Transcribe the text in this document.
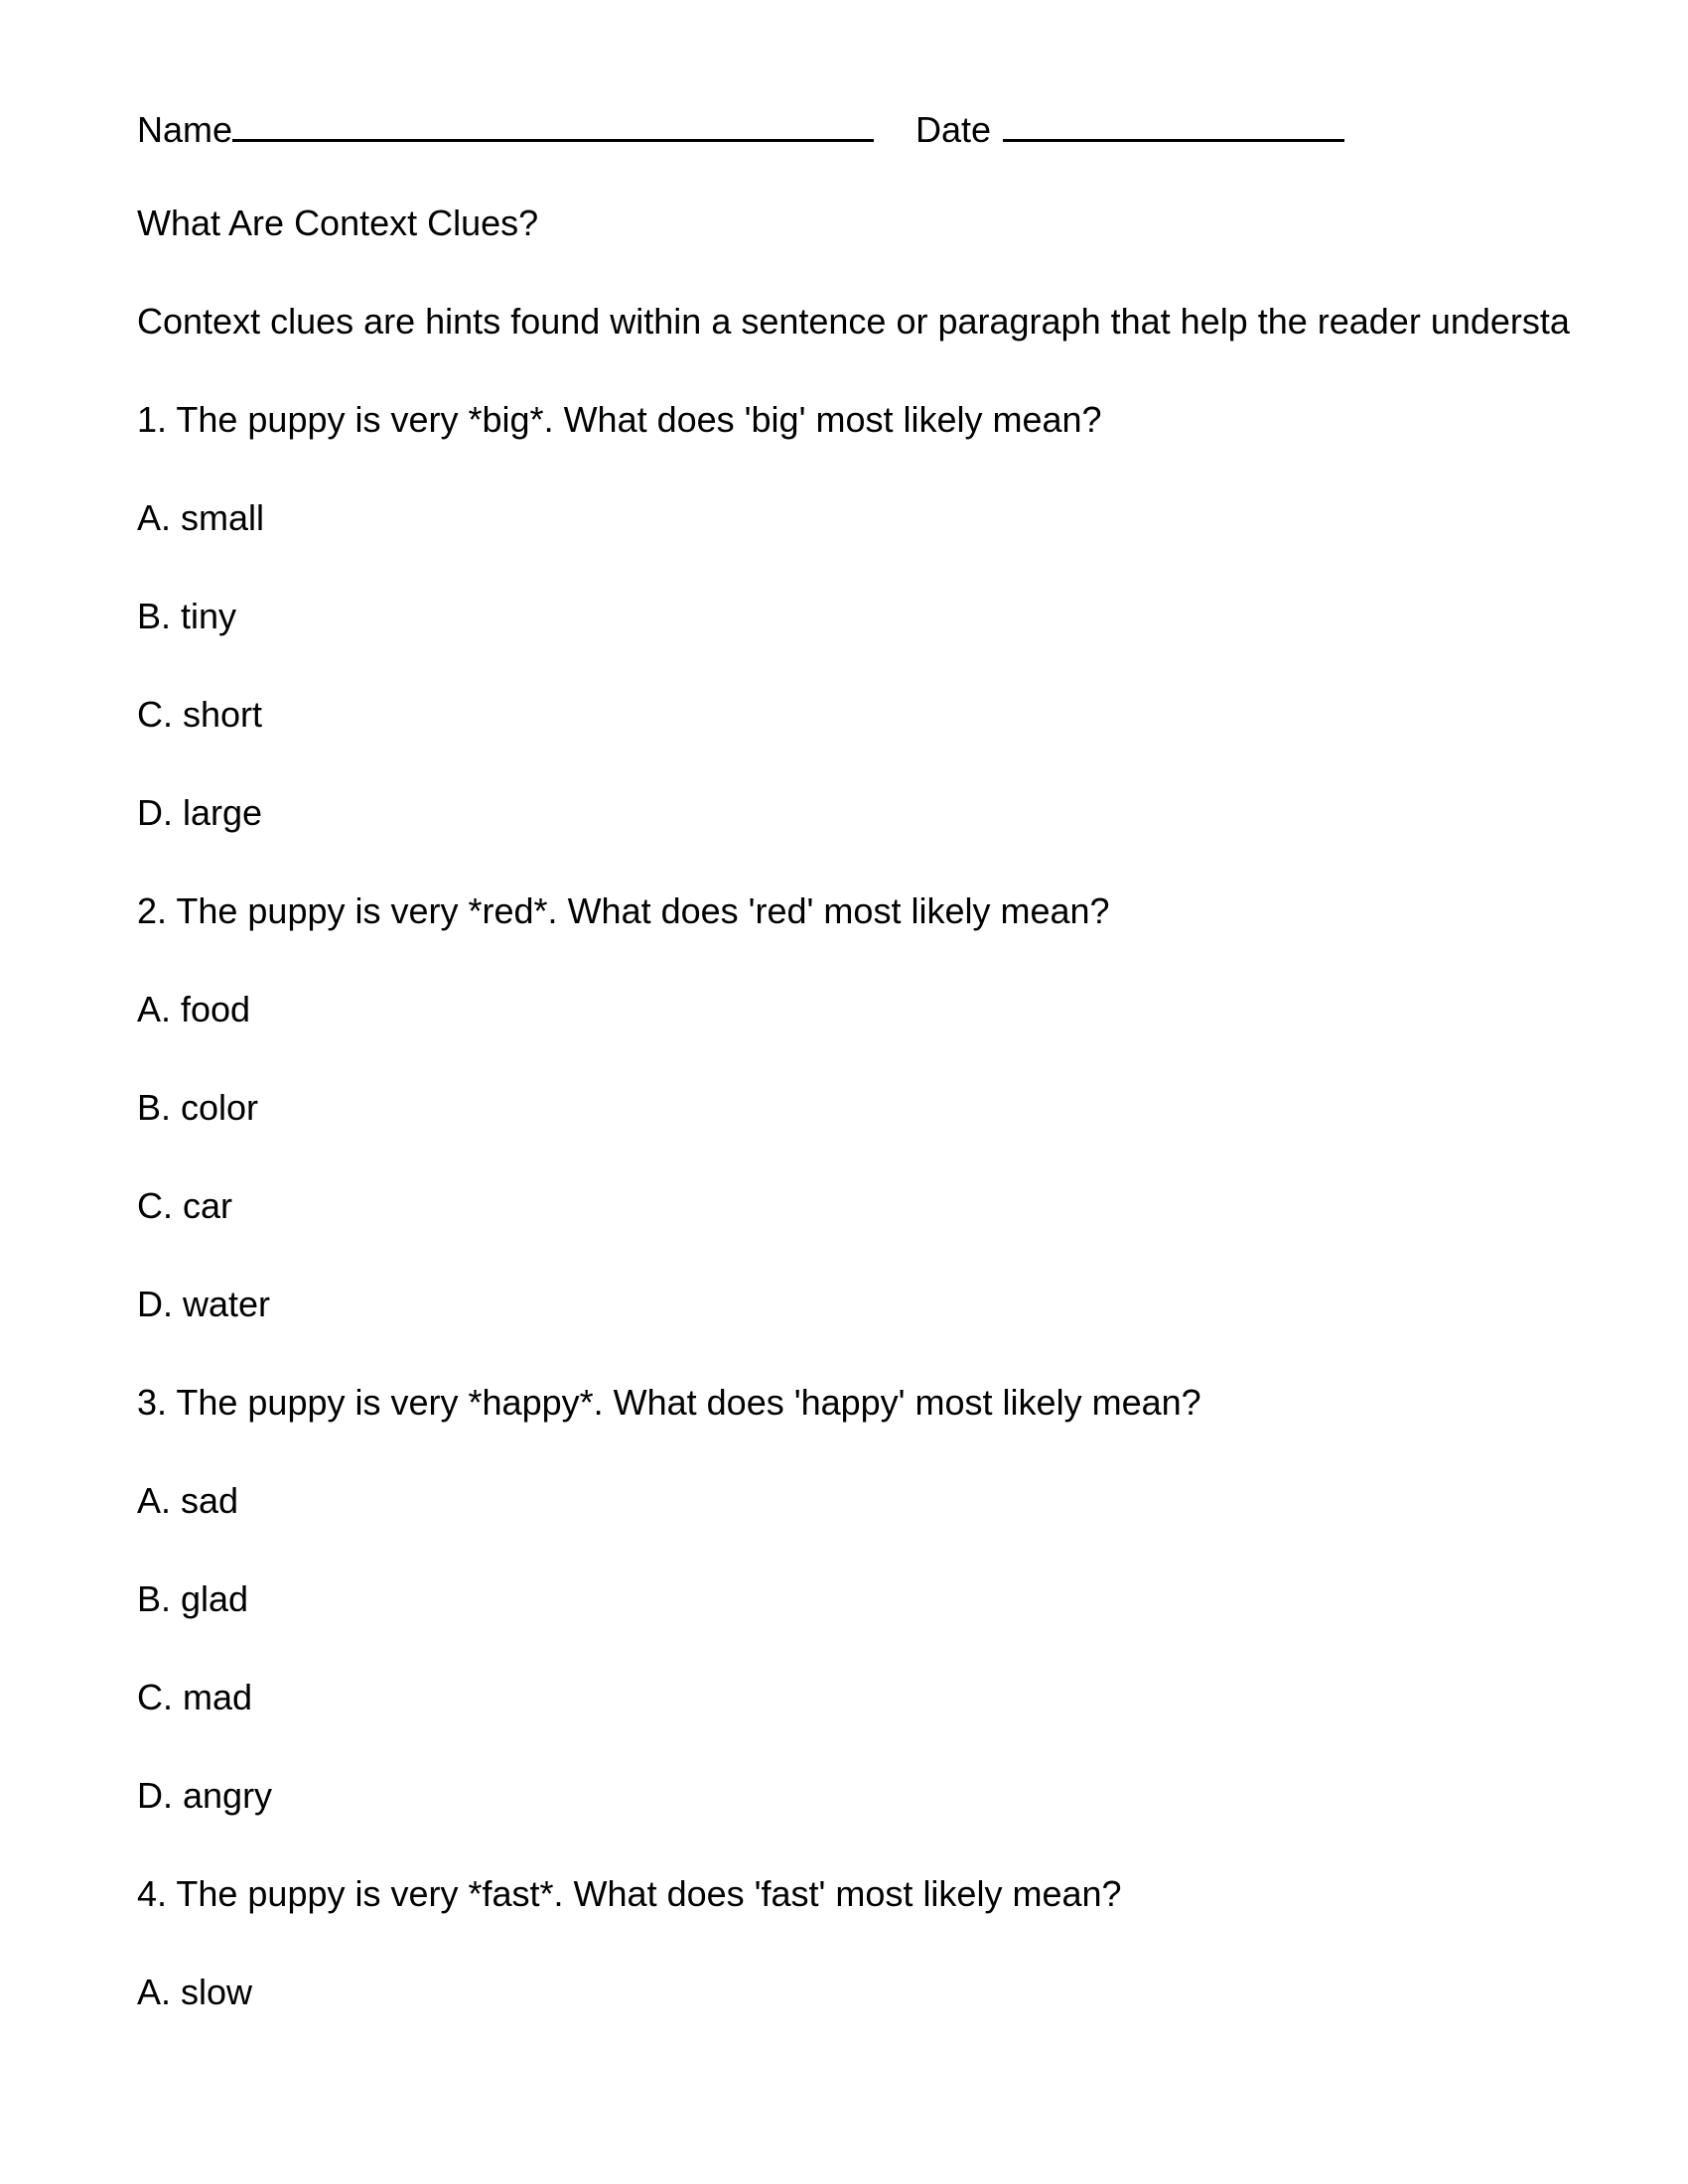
Name	Date
What Are Context Clues?
Context clues are hints found within a sentence or paragraph that help the reader understa
1. The puppy is very *big*. What does 'big' most likely mean?
A. small
B. tiny
C. short
D. large
2. The puppy is very *red*. What does 'red' most likely mean?
A. food
B. color
C. car
D. water
3. The puppy is very *happy*. What does 'happy' most likely mean?
A. sad
B. glad
C. mad
D. angry
4. The puppy is very *fast*. What does 'fast' most likely mean?
A. slow
